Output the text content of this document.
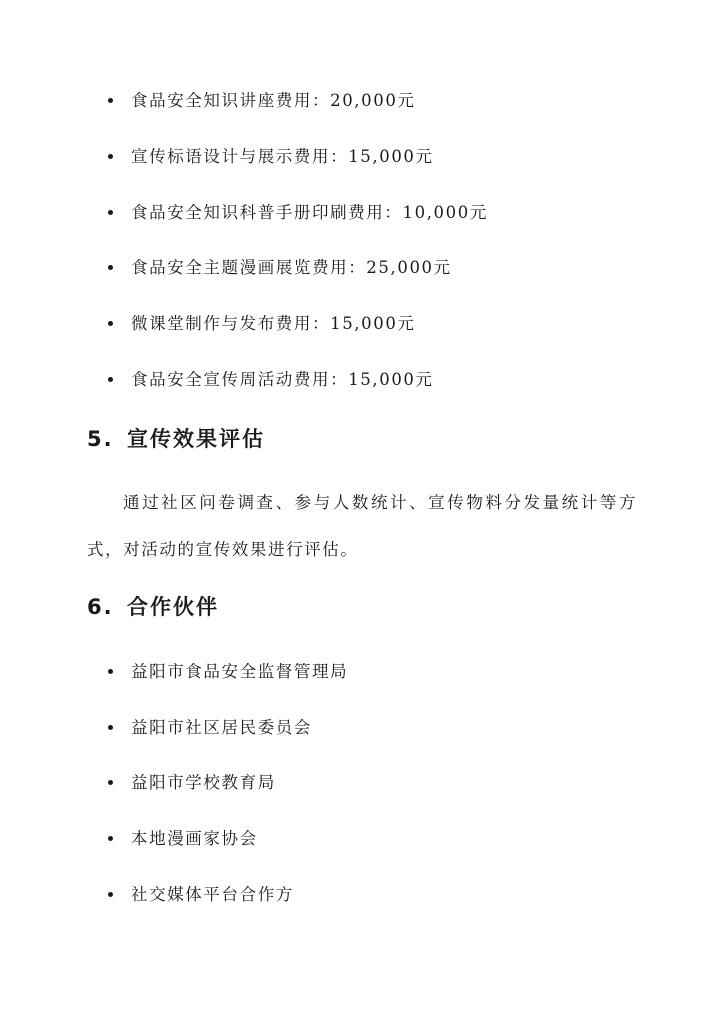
食品安全知识讲座费用：20,000元
宣传标语设计与展示费用：15,000元
食品安全知识科普手册印刷费用：10,000元
食品安全主题漫画展览费用：25,000元
微课堂制作与发布费用：15,000元
食品安全宣传周活动费用：15,000元
5. 宣传效果评估

通过社区问卷调查、参与人数统计、宣传物料分发量统计等方式，对活动的宣传效果进行评估。

6. 合作伙伴
益阳市食品安全监督管理局
益阳市社区居民委员会
益阳市学校教育局
本地漫画家协会
社交媒体平台合作方
